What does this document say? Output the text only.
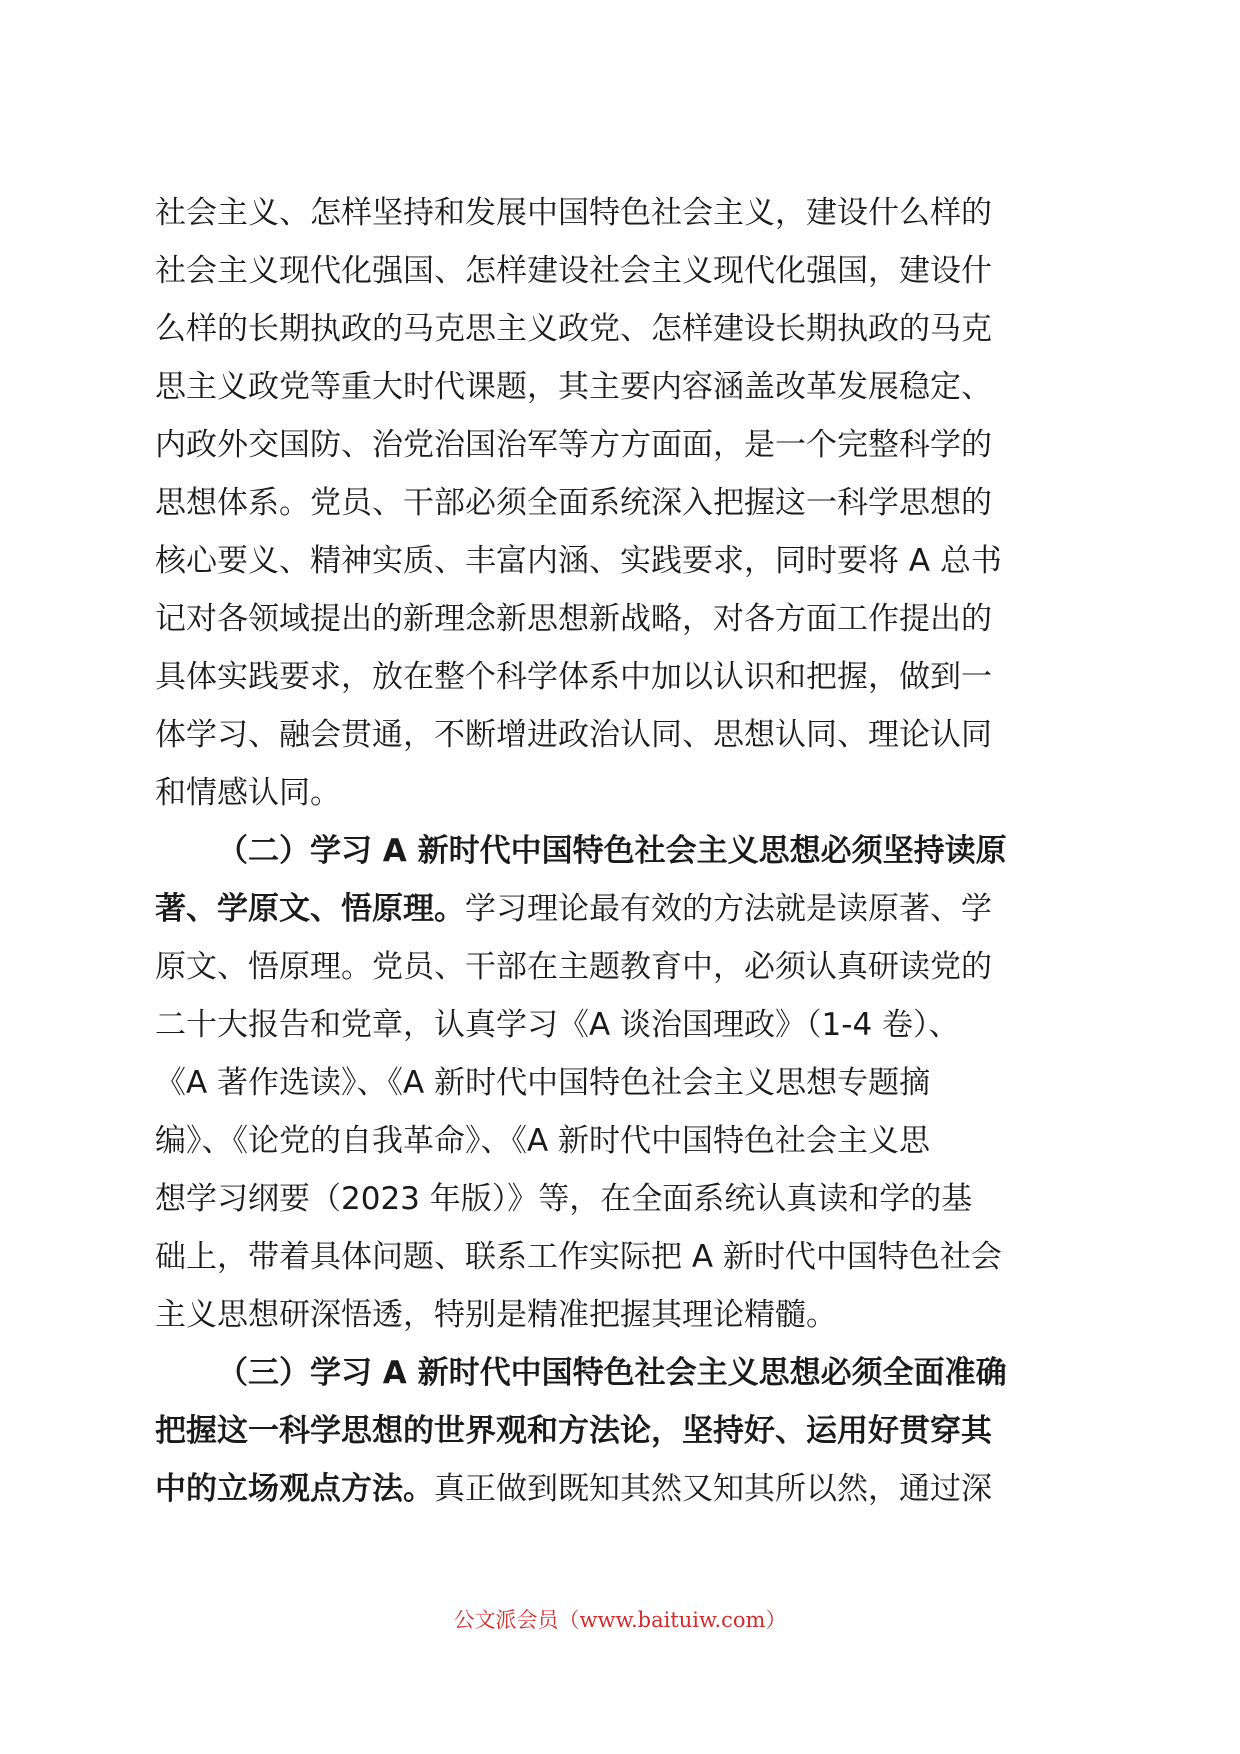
社会主义、怎样坚持和发展中国特色社会主义，建设什么样的
社会主义现代化强国、怎样建设社会主义现代化强国，建设什
么样的长期执政的马克思主义政党、怎样建设长期执政的马克
思主义政党等重大时代课题，其主要内容涵盖改革发展稳定、
内政外交国防、治党治国治军等方方面面，是一个完整科学的
思想体系。党员、干部必须全面系统深入把握这一科学思想的
核心要义、精神实质、丰富内涵、实践要求，同时要将 A 总书
记对各领域提出的新理念新思想新战略，对各方面工作提出的
具体实践要求，放在整个科学体系中加以认识和把握，做到一
体学习、融会贯通，不断增进政治认同、思想认同、理论认同
和情感认同。
（二）学习 A 新时代中国特色社会主义思想必须坚持读原
著、学原文、悟原理。学习理论最有效的方法就是读原著、学
原文、悟原理。党员、干部在主题教育中，必须认真研读党的
二十大报告和党章，认真学习《A 谈治国理政》（1-4 卷）、
《A 著作选读》、《A 新时代中国特色社会主义思想专题摘
编》、《论党的自我革命》、《A 新时代中国特色社会主义思
想学习纲要（2023 年版）》等，在全面系统认真读和学的基
础上，带着具体问题、联系工作实际把 A 新时代中国特色社会
主义思想研深悟透，特别是精准把握其理论精髓。
（三）学习 A 新时代中国特色社会主义思想必须全面准确
把握这一科学思想的世界观和方法论，坚持好、运用好贯穿其
中的立场观点方法。真正做到既知其然又知其所以然，通过深
公文派会员（www.baituiw.com）
